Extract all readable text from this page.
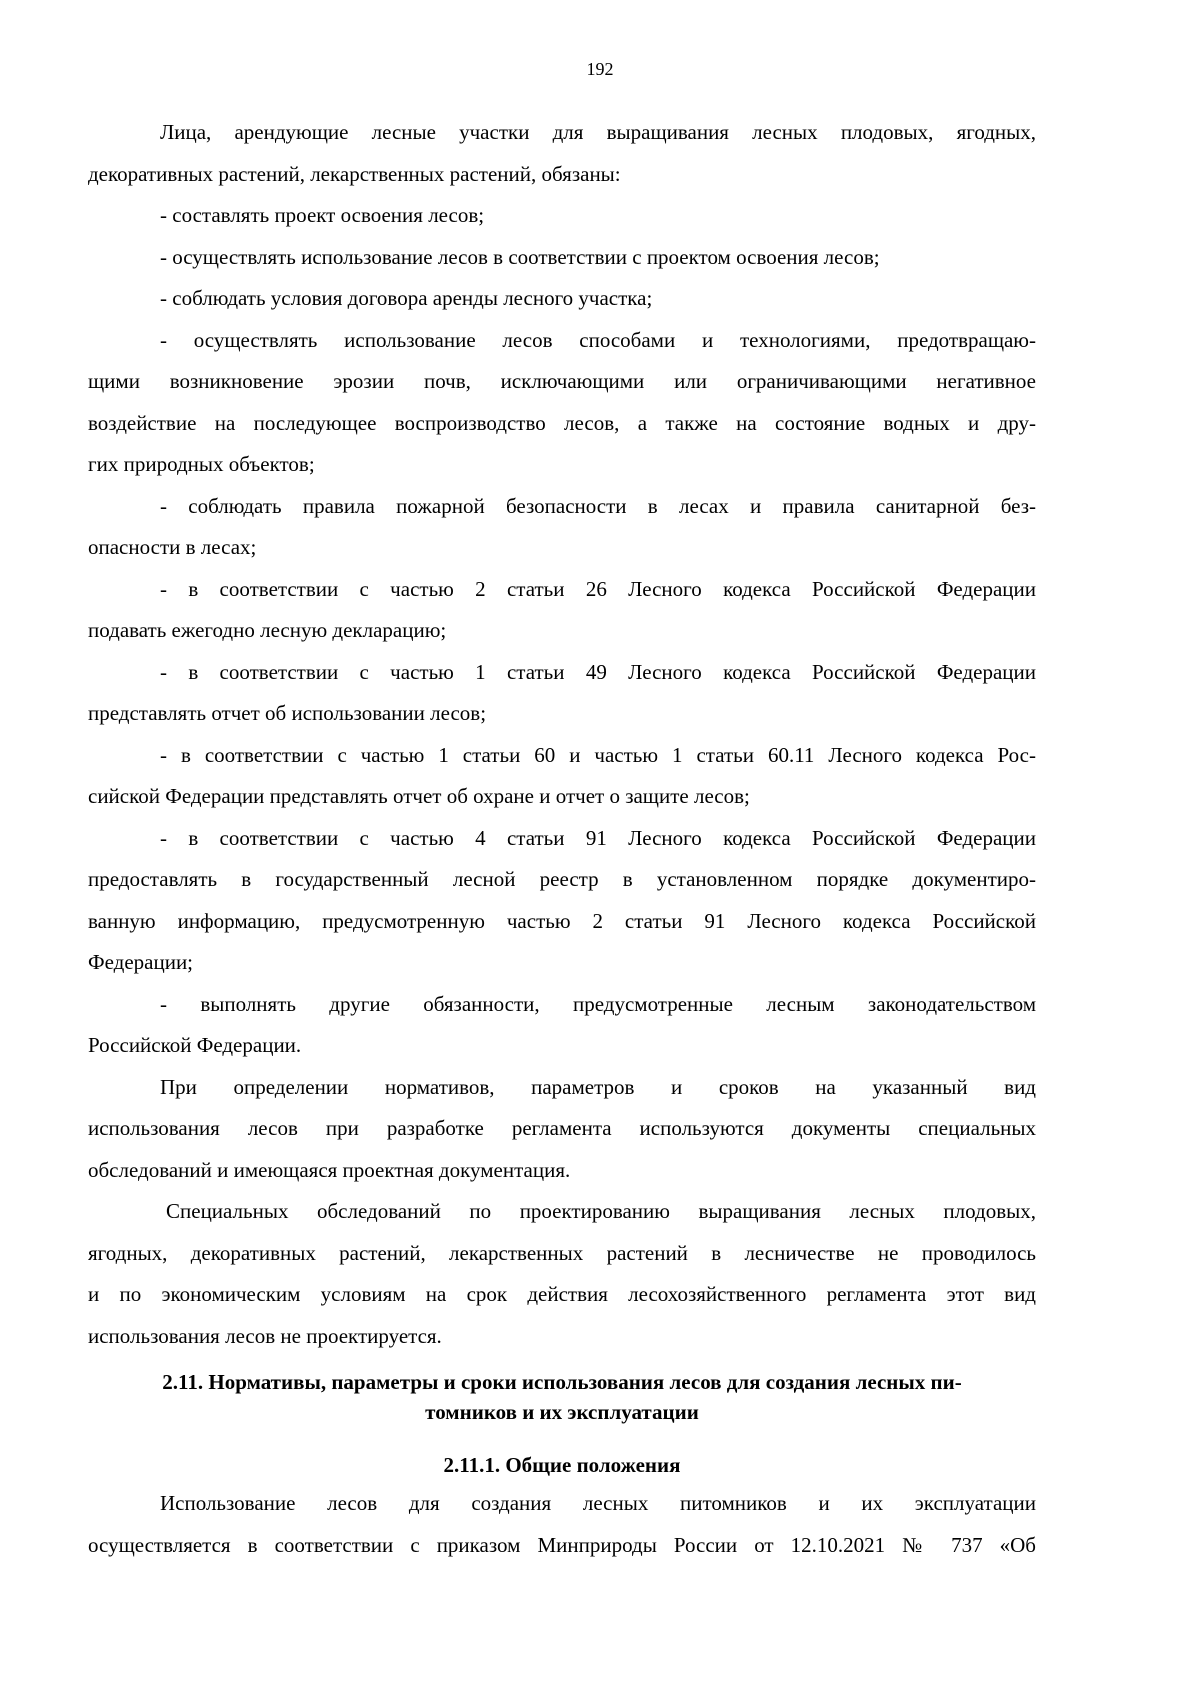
192
Лица, арендующие лесные участки для выращивания лесных плодовых, ягодных,
декоративных растений, лекарственных растений, обязаны:
- составлять проект освоения лесов;
- осуществлять использование лесов в соответствии с проектом освоения лесов;
- соблюдать условия договора аренды лесного участка;
- осуществлять использование лесов способами и технологиями, предотвращаю-
щими возникновение эрозии почв, исключающими или ограничивающими негативное
воздействие на последующее воспроизводство лесов, а также на состояние водных и дру-
гих природных объектов;
- соблюдать правила пожарной безопасности в лесах и правила санитарной без-
опасности в лесах;
- в соответствии с частью 2 статьи 26 Лесного кодекса Российской Федерации
подавать ежегодно лесную декларацию;
- в соответствии с частью 1 статьи 49 Лесного кодекса Российской Федерации
представлять отчет об использовании лесов;
- в соответствии с частью 1 статьи 60 и частью 1 статьи 60.11 Лесного кодекса Рос-
сийской Федерации представлять отчет об охране и отчет о защите лесов;
- в соответствии с частью 4 статьи 91 Лесного кодекса Российской Федерации
предоставлять в государственный лесной реестр в установленном порядке документиро-
ванную информацию, предусмотренную частью 2 статьи 91 Лесного кодекса Российской
Федерации;
- выполнять другие обязанности, предусмотренные лесным законодательством
Российской Федерации.
При определении нормативов, параметров и сроков на указанный вид
использования лесов при разработке регламента используются документы специальных
обследований и имеющаяся проектная документация.
Специальных обследований по проектированию выращивания лесных плодовых,
ягодных, декоративных растений, лекарственных растений в лесничестве не проводилось
и по экономическим условиям на срок действия лесохозяйственного регламента этот вид
использования лесов не проектируется.
2.11. Нормативы, параметры и сроки использования лесов для создания лесных пи-
томников и их эксплуатации
2.11.1. Общие положения
Использование лесов для создания лесных питомников и их эксплуатации
осуществляется в соответствии с приказом Минприроды России от 12.10.2021 № 737 «Об
